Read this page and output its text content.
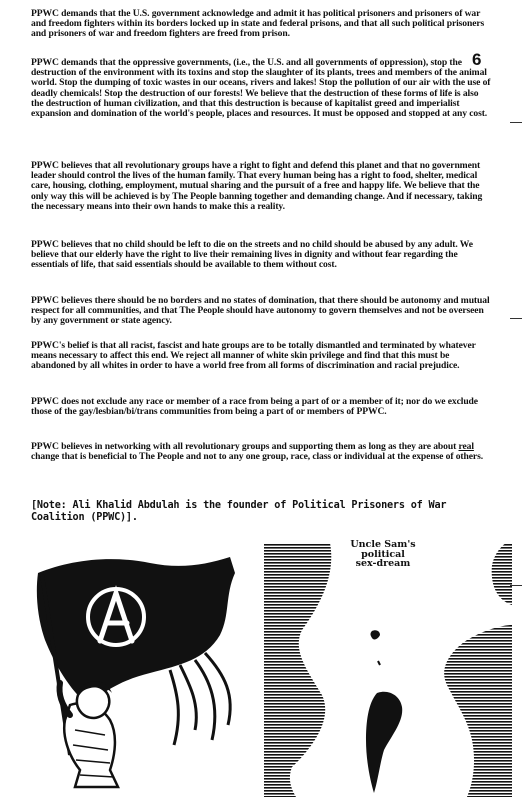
6
PPWC demands that the U.S. government acknowledge and admit it has political prisoners and prisoners of war and freedom fighters within its borders locked up in state and federal prisons, and that all such political prisoners and prisoners of war and freedom fighters are freed from prison.
PPWC demands that the oppressive governments, (i.e., the U.S. and all governments of oppression), stop the destruction of the environment with its toxins and stop the slaughter of its plants, trees and members of the animal world. Stop the dumping of toxic wastes in our oceans, rivers and lakes! Stop the pollution of our air with the use of deadly chemicals! Stop the destruction of our forests! We believe that the destruction of these forms of life is also the destruction of human civilization, and that this destruction is because of kapitalist greed and imperialist expansion and domination of the world's people, places and resources. It must be opposed and stopped at any cost.
PPWC believes that all revolutionary groups have a right to fight and defend this planet and that no government leader should control the lives of the human family. That every human being has a right to food, shelter, medical care, housing, clothing, employment, mutual sharing and the pursuit of a free and happy life. We believe that the only way this will be achieved is by The People banning together and demanding change. And if necessary, taking the necessary means into their own hands to make this a reality.
PPWC believes that no child should be left to die on the streets and no child should be abused by any adult. We believe that our elderly have the right to live their remaining lives in dignity and without fear regarding the essentials of life, that said essentials should be available to them without cost.
PPWC believes there should be no borders and no states of domination, that there should be autonomy and mutual respect for all communities, and that The People should have autonomy to govern themselves and not be overseen by any government or state agency.
PPWC's belief is that all racist, fascist and hate groups are to be totally dismantled and terminated by whatever means necessary to affect this end. We reject all manner of white skin privilege and find that this must be abandoned by all whites in order to have a world free from all forms of discrimination and racial prejudice.
PPWC does not exclude any race or member of a race from being a part of or a member of it; nor do we exclude those of the gay/lesbian/bi/trans communities from being a part of or members of PPWC.
PPWC believes in networking with all revolutionary groups and supporting them as long as they are about real change that is beneficial to The People and not to any one group, race, class or individual at the expense of others.
[Note: Ali Khalid Abdulah is the founder of Political Prisoners of War Coalition (PPWC)].
Uncle Sam's
political
sex-dream
